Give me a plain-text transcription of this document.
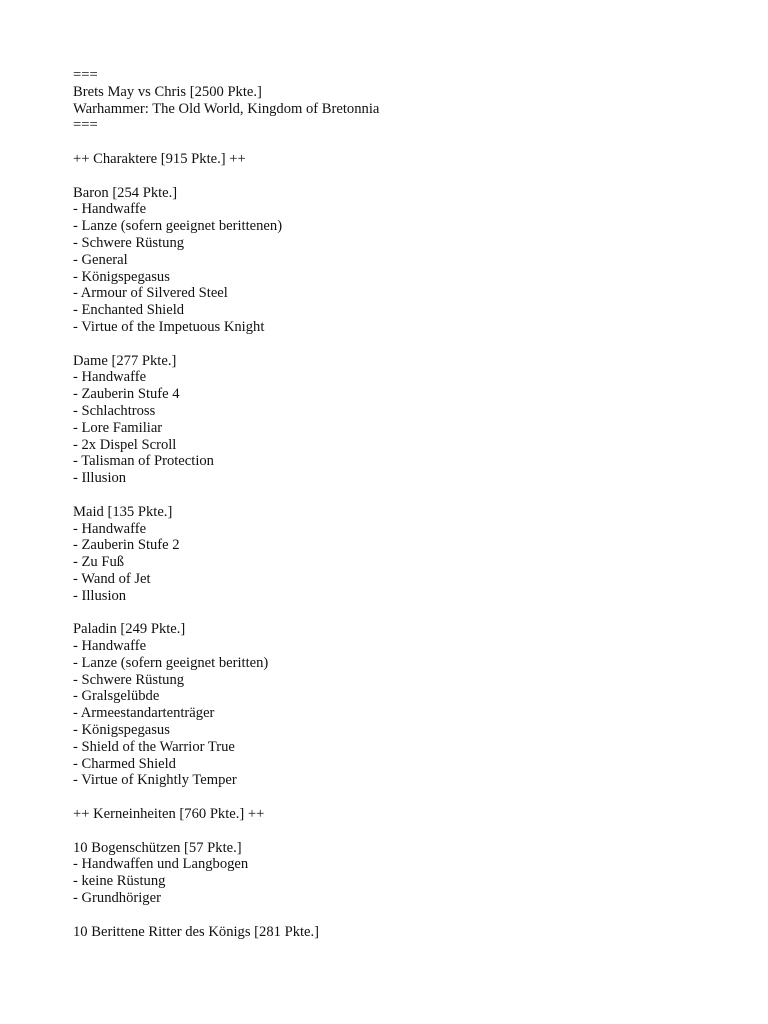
===
Brets May vs Chris [2500 Pkte.]
Warhammer: The Old World, Kingdom of Bretonnia
===
++ Charaktere [915 Pkte.] ++
Baron [254 Pkte.]
- Handwaffe
- Lanze (sofern geeignet berittenen)
- Schwere Rüstung
- General
- Königspegasus
- Armour of Silvered Steel
- Enchanted Shield
- Virtue of the Impetuous Knight
Dame [277 Pkte.]
- Handwaffe
- Zauberin Stufe 4
- Schlachtross
- Lore Familiar
- 2x Dispel Scroll
- Talisman of Protection
- Illusion
Maid [135 Pkte.]
- Handwaffe
- Zauberin Stufe 2
- Zu Fuß
- Wand of Jet
- Illusion
Paladin [249 Pkte.]
- Handwaffe
- Lanze (sofern geeignet beritten)
- Schwere Rüstung
- Gralsgelübde
- Armeestandartenträger
- Königspegasus
- Shield of the Warrior True
- Charmed Shield
- Virtue of Knightly Temper
++ Kerneinheiten [760 Pkte.] ++
10 Bogenschützen [57 Pkte.]
- Handwaffen und Langbogen
- keine Rüstung
- Grundhöriger
10 Berittene Ritter des Königs [281 Pkte.]
